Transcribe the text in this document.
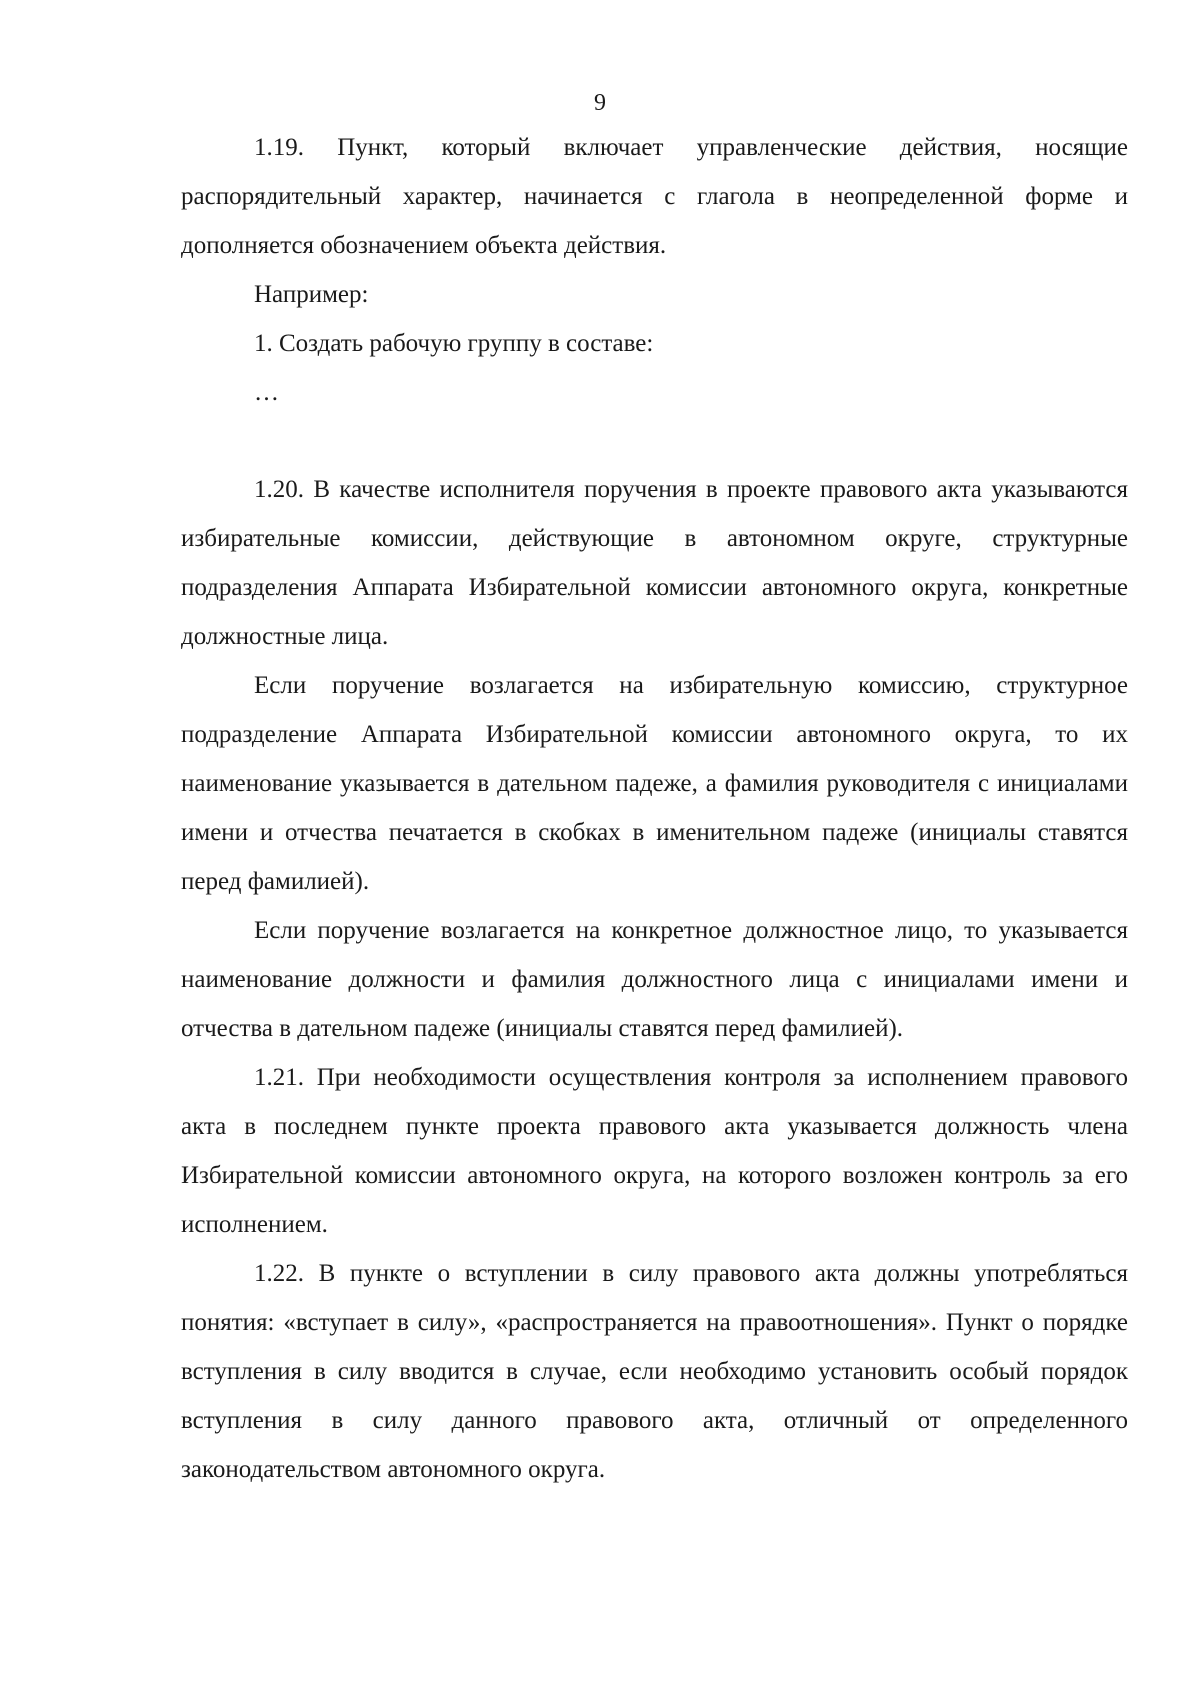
9

1.19. Пункт, который включает управленческие действия, носящие распорядительный характер, начинается с глагола в неопределенной форме и дополняется обозначением объекта действия.

Например:

1. Создать рабочую группу в составе:

…

1.20. В качестве исполнителя поручения в проекте правового акта указываются избирательные комиссии, действующие в автономном округе, структурные подразделения Аппарата Избирательной комиссии автономного округа, конкретные должностные лица.

Если поручение возлагается на избирательную комиссию, структурное подразделение Аппарата Избирательной комиссии автономного округа, то их наименование указывается в дательном падеже, а фамилия руководителя с инициалами имени и отчества печатается в скобках в именительном падеже (инициалы ставятся перед фамилией).

Если поручение возлагается на конкретное должностное лицо, то указывается наименование должности и фамилия должностного лица с инициалами имени и отчества в дательном падеже (инициалы ставятся перед фамилией).

1.21. При необходимости осуществления контроля за исполнением правового акта в последнем пункте проекта правового акта указывается должность члена Избирательной комиссии автономного округа, на которого возложен контроль за его исполнением.

1.22. В пункте о вступлении в силу правового акта должны употребляться понятия: «вступает в силу», «распространяется на правоотношения». Пункт о порядке вступления в силу вводится в случае, если необходимо установить особый порядок вступления в силу данного правового акта, отличный от определенного законодательством автономного округа.
